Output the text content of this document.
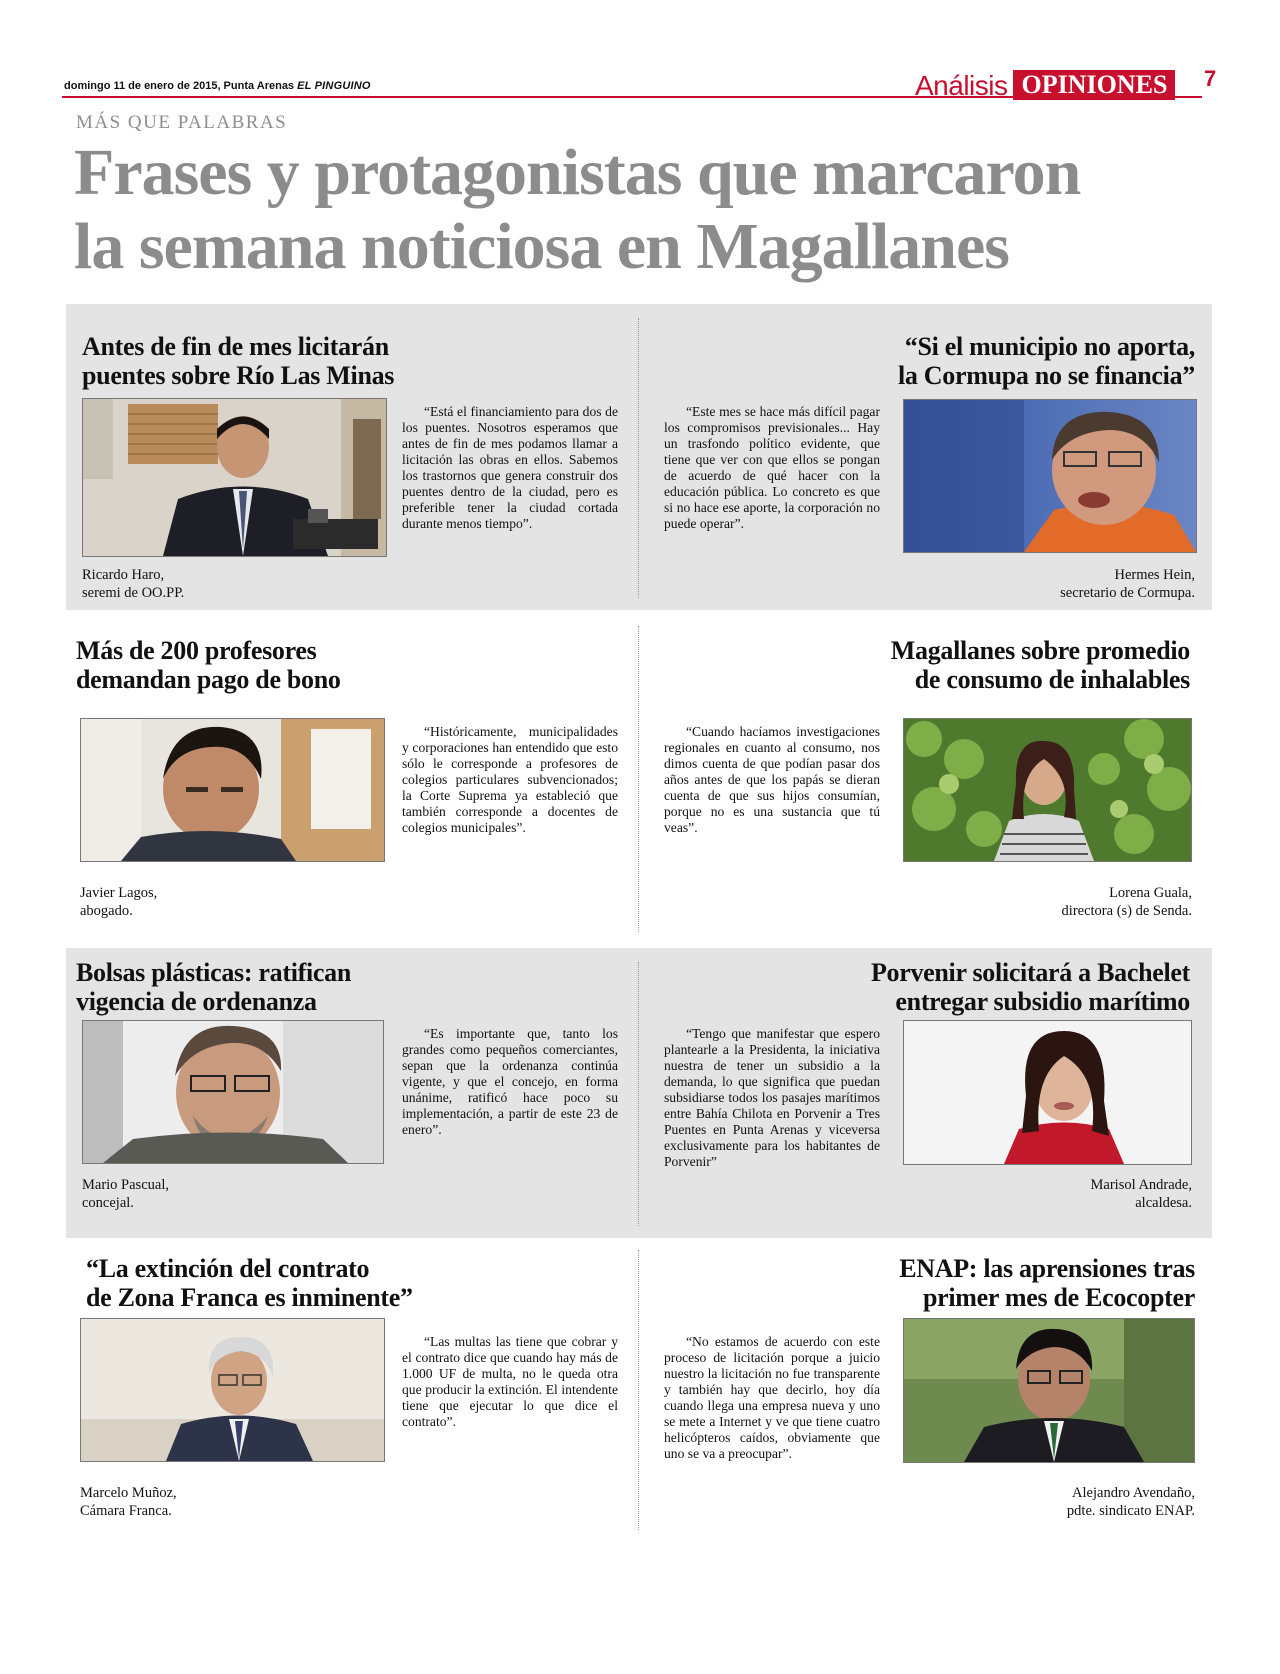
domingo 11 de enero de 2015, Punta Arenas EL PINGUINO	Análisis OPINIONES	7
MÁS QUE PALABRAS
Frases y protagonistas que marcaron
la semana noticiosa en Magallanes
Antes de fin de mes licitarán
puentes sobre Río Las Minas
“Está el financiamiento para dos de los puentes. Nosotros esperamos que antes de fin de mes podamos llamar a licitación las obras en ellos. Sabemos los trastornos que genera construir dos puentes dentro de la ciudad, pero es preferible tener la ciudad cortada durante menos tiempo”.
Ricardo Haro,
seremi de OO.PP.
“Si el municipio no aporta,
la Cormupa no se financia”
“Este mes se hace más difícil pagar los compromisos previsionales... Hay un trasfondo político evidente, que tiene que ver con que ellos se pongan de acuerdo de qué hacer con la educación pública. Lo concreto es que si no hace ese aporte, la corporación no puede operar”.
Hermes Hein,
secretario de Cormupa.
Más de 200 profesores
demandan pago de bono
“Históricamente, municipalidades y corporaciones han entendido que esto sólo le corresponde a profesores de colegios particulares subvencionados; la Corte Suprema ya estableció que también corresponde a docentes de colegios municipales”.
Javier Lagos,
abogado.
Magallanes sobre promedio
de consumo de inhalables
“Cuando hacíamos investigaciones regionales en cuanto al consumo, nos dimos cuenta de que podían pasar dos años antes de que los papás se dieran cuenta de que sus hijos consumían, porque no es una sustancia que tú veas”.
Lorena Guala,
directora (s) de Senda.
Bolsas plásticas: ratifican
vigencia de ordenanza
“Es importante que, tanto los grandes como pequeños comerciantes, sepan que la ordenanza continúa vigente, y que el concejo, en forma unánime, ratificó hace poco su implementación, a partir de este 23 de enero”.
Mario Pascual,
concejal.
Porvenir solicitará a Bachelet
entregar subsidio marítimo
“Tengo que manifestar que espero plantearle a la Presidenta, la iniciativa nuestra de tener un subsidio a la demanda, lo que significa que puedan subsidiarse todos los pasajes marítimos entre Bahía Chilota en Porvenir a Tres Puentes en Punta Arenas y viceversa exclusivamente para los habitantes de Porvenir”
Marisol Andrade,
alcaldesa.
“La extinción del contrato
de Zona Franca es inminente”
“Las multas las tiene que cobrar y el contrato dice que cuando hay más de 1.000 UF de multa, no le queda otra que producir la extinción. El intendente tiene que ejecutar lo que dice el contrato”.
Marcelo Muñoz,
Cámara Franca.
ENAP: las aprensiones tras
primer mes de Ecocopter
“No estamos de acuerdo con este proceso de licitación porque a juicio nuestro la licitación no fue transparente y también hay que decirlo, hoy día cuando llega una empresa nueva y uno se mete a Internet y ve que tiene cuatro helicópteros caídos, obviamente que uno se va a preocupar”.
Alejandro Avendaño,
pdte. sindicato ENAP.
